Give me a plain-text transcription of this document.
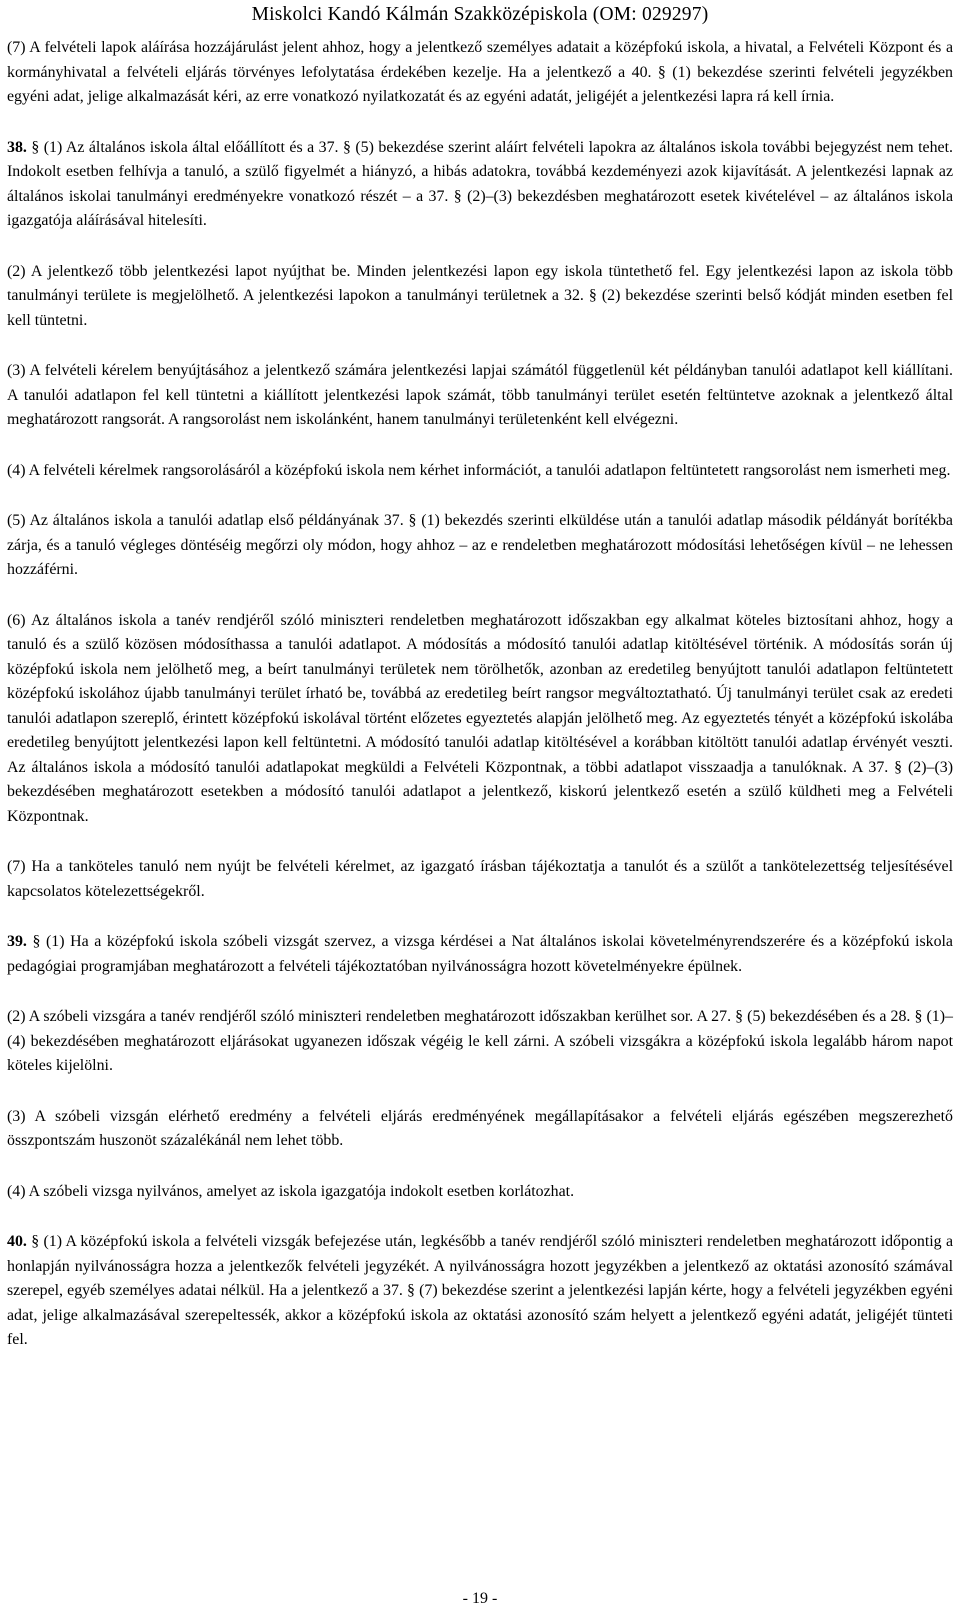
Miskolci Kandó Kálmán Szakközépiskola (OM: 029297)

(7) A felvételi lapok aláírása hozzájárulást jelent ahhoz, hogy a jelentkező személyes adatait a középfokú iskola, a hivatal, a Felvételi Központ és a kormányhivatal a felvételi eljárás törvényes lefolytatása érdekében kezelje. Ha a jelentkező a 40. § (1) bekezdése szerinti felvételi jegyzékben egyéni adat, jelige alkalmazását kéri, az erre vonatkozó nyilatkozatát és az egyéni adatát, jeligéjét a jelentkezési lapra rá kell írnia.

38. § (1) Az általános iskola által előállított és a 37. § (5) bekezdése szerint aláírt felvételi lapokra az általános iskola további bejegyzést nem tehet. Indokolt esetben felhívja a tanuló, a szülő figyelmét a hiányzó, a hibás adatokra, továbbá kezdeményezi azok kijavítását. A jelentkezési lapnak az általános iskolai tanulmányi eredményekre vonatkozó részét – a 37. § (2)–(3) bekezdésben meghatározott esetek kivételével – az általános iskola igazgatója aláírásával hitelesíti.

(2) A jelentkező több jelentkezési lapot nyújthat be. Minden jelentkezési lapon egy iskola tüntethető fel. Egy jelentkezési lapon az iskola több tanulmányi területe is megjelölhető. A jelentkezési lapokon a tanulmányi területnek a 32. § (2) bekezdése szerinti belső kódját minden esetben fel kell tüntetni.

(3) A felvételi kérelem benyújtásához a jelentkező számára jelentkezési lapjai számától függetlenül két példányban tanulói adatlapot kell kiállítani. A tanulói adatlapon fel kell tüntetni a kiállított jelentkezési lapok számát, több tanulmányi terület esetén feltüntetve azoknak a jelentkező által meghatározott rangsorát. A rangsorolást nem iskolánként, hanem tanulmányi területenként kell elvégezni.

(4) A felvételi kérelmek rangsorolásáról a középfokú iskola nem kérhet információt, a tanulói adatlapon feltüntetett rangsorolást nem ismerheti meg.

(5) Az általános iskola a tanulói adatlap első példányának 37. § (1) bekezdés szerinti elküldése után a tanulói adatlap második példányát borítékba zárja, és a tanuló végleges döntéséig megőrzi oly módon, hogy ahhoz – az e rendeletben meghatározott módosítási lehetőségen kívül – ne lehessen hozzáférni.

(6) Az általános iskola a tanév rendjéről szóló miniszteri rendeletben meghatározott időszakban egy alkalmat köteles biztosítani ahhoz, hogy a tanuló és a szülő közösen módosíthassa a tanulói adatlapot. A módosítás a módosító tanulói adatlap kitöltésével történik. A módosítás során új középfokú iskola nem jelölhető meg, a beírt tanulmányi területek nem törölhetők, azonban az eredetileg benyújtott tanulói adatlapon feltüntetett középfokú iskolához újabb tanulmányi terület írható be, továbbá az eredetileg beírt rangsor megváltoztatható. Új tanulmányi terület csak az eredeti tanulói adatlapon szereplő, érintett középfokú iskolával történt előzetes egyeztetés alapján jelölhető meg. Az egyeztetés tényét a középfokú iskolába eredetileg benyújtott jelentkezési lapon kell feltüntetni. A módosító tanulói adatlap kitöltésével a korábban kitöltött tanulói adatlap érvényét veszti. Az általános iskola a módosító tanulói adatlapokat megküldi a Felvételi Központnak, a többi adatlapot visszaadja a tanulóknak. A 37. § (2)–(3) bekezdésében meghatározott esetekben a módosító tanulói adatlapot a jelentkező, kiskorú jelentkező esetén a szülő küldheti meg a Felvételi Központnak.

(7) Ha a tanköteles tanuló nem nyújt be felvételi kérelmet, az igazgató írásban tájékoztatja a tanulót és a szülőt a tankötelezettség teljesítésével kapcsolatos kötelezettségekről.

39. § (1) Ha a középfokú iskola szóbeli vizsgát szervez, a vizsga kérdései a Nat általános iskolai követelményrendszerére és a középfokú iskola pedagógiai programjában meghatározott a felvételi tájékoztatóban nyilvánosságra hozott követelményekre épülnek.

(2) A szóbeli vizsgára a tanév rendjéről szóló miniszteri rendeletben meghatározott időszakban kerülhet sor. A 27. § (5) bekezdésében és a 28. § (1)–(4) bekezdésében meghatározott eljárásokat ugyanezen időszak végéig le kell zárni. A szóbeli vizsgákra a középfokú iskola legalább három napot köteles kijelölni.

(3) A szóbeli vizsgán elérhető eredmény a felvételi eljárás eredményének megállapításakor a felvételi eljárás egészében megszerezhető összpontszám huszonöt százalékánál nem lehet több.

(4) A szóbeli vizsga nyilvános, amelyet az iskola igazgatója indokolt esetben korlátozhat.

40. § (1) A középfokú iskola a felvételi vizsgák befejezése után, legkésőbb a tanév rendjéről szóló miniszteri rendeletben meghatározott időpontig a honlapján nyilvánosságra hozza a jelentkezők felvételi jegyzékét. A nyilvánosságra hozott jegyzékben a jelentkező az oktatási azonosító számával szerepel, egyéb személyes adatai nélkül. Ha a jelentkező a 37. § (7) bekezdése szerint a jelentkezési lapján kérte, hogy a felvételi jegyzékben egyéni adat, jelige alkalmazásával szerepeltessék, akkor a középfokú iskola az oktatási azonosító szám helyett a jelentkező egyéni adatát, jeligéjét tünteti fel.

- 19 -
